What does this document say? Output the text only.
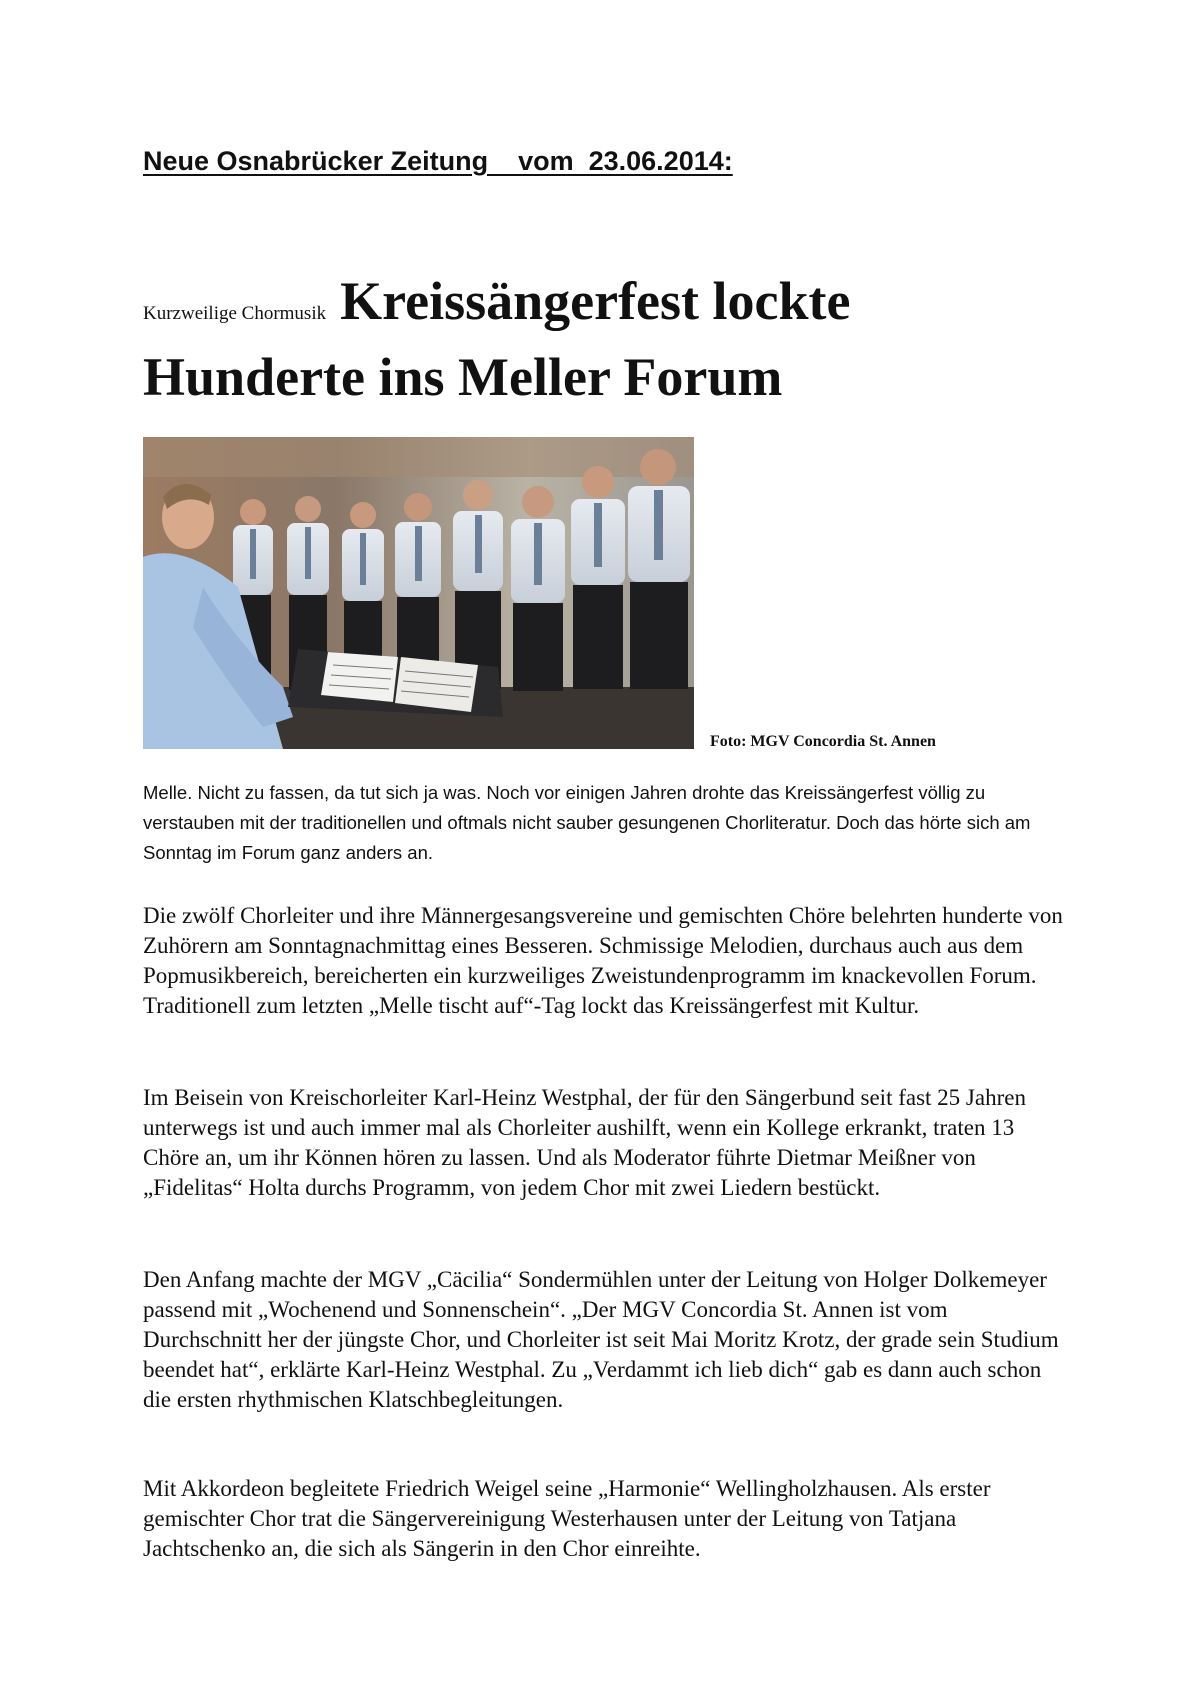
Neue Osnabrücker Zeitung    vom  23.06.2014:
Kurzweilige Chormusik Kreissängerfest lockte
Hunderte ins Meller Forum
Foto: MGV Concordia St. Annen
Melle. Nicht zu fassen, da tut sich ja was. Noch vor einigen Jahren drohte das Kreissängerfest völlig zu verstauben mit der traditionellen und oftmals nicht sauber gesungenen Chorliteratur. Doch das hörte sich am Sonntag im Forum ganz anders an.

Die zwölf Chorleiter und ihre Männergesangsvereine und gemischten Chöre belehrten hunderte von Zuhörern am Sonntagnachmittag eines Besseren. Schmissige Melodien, durchaus auch aus dem Popmusikbereich, bereicherten ein kurzweiliges Zweistundenprogramm im knackevollen Forum. Traditionell zum letzten „Melle tischt auf“-Tag lockt das Kreissängerfest mit Kultur.

Im Beisein von Kreischorleiter Karl-Heinz Westphal, der für den Sängerbund seit fast 25 Jahren unterwegs ist und auch immer mal als Chorleiter aushilft, wenn ein Kollege erkrankt, traten 13 Chöre an, um ihr Können hören zu lassen. Und als Moderator führte Dietmar Meißner von „Fidelitas“ Holta durchs Programm, von jedem Chor mit zwei Liedern bestückt.

Den Anfang machte der MGV „Cäcilia“ Sondermühlen unter der Leitung von Holger Dolkemeyer passend mit „Wochenend und Sonnenschein“. „Der MGV Concordia St. Annen ist vom Durchschnitt her der jüngste Chor, und Chorleiter ist seit Mai Moritz Krotz, der grade sein Studium beendet hat“, erklärte Karl-Heinz Westphal. Zu „Verdammt ich lieb dich“ gab es dann auch schon die ersten rhythmischen Klatschbegleitungen.

Mit Akkordeon begleitete Friedrich Weigel seine „Harmonie“ Wellingholzhausen. Als erster gemischter Chor trat die Sängervereinigung Westerhausen unter der Leitung von Tatjana Jachtschenko an, die sich als Sängerin in den Chor einreihte.
